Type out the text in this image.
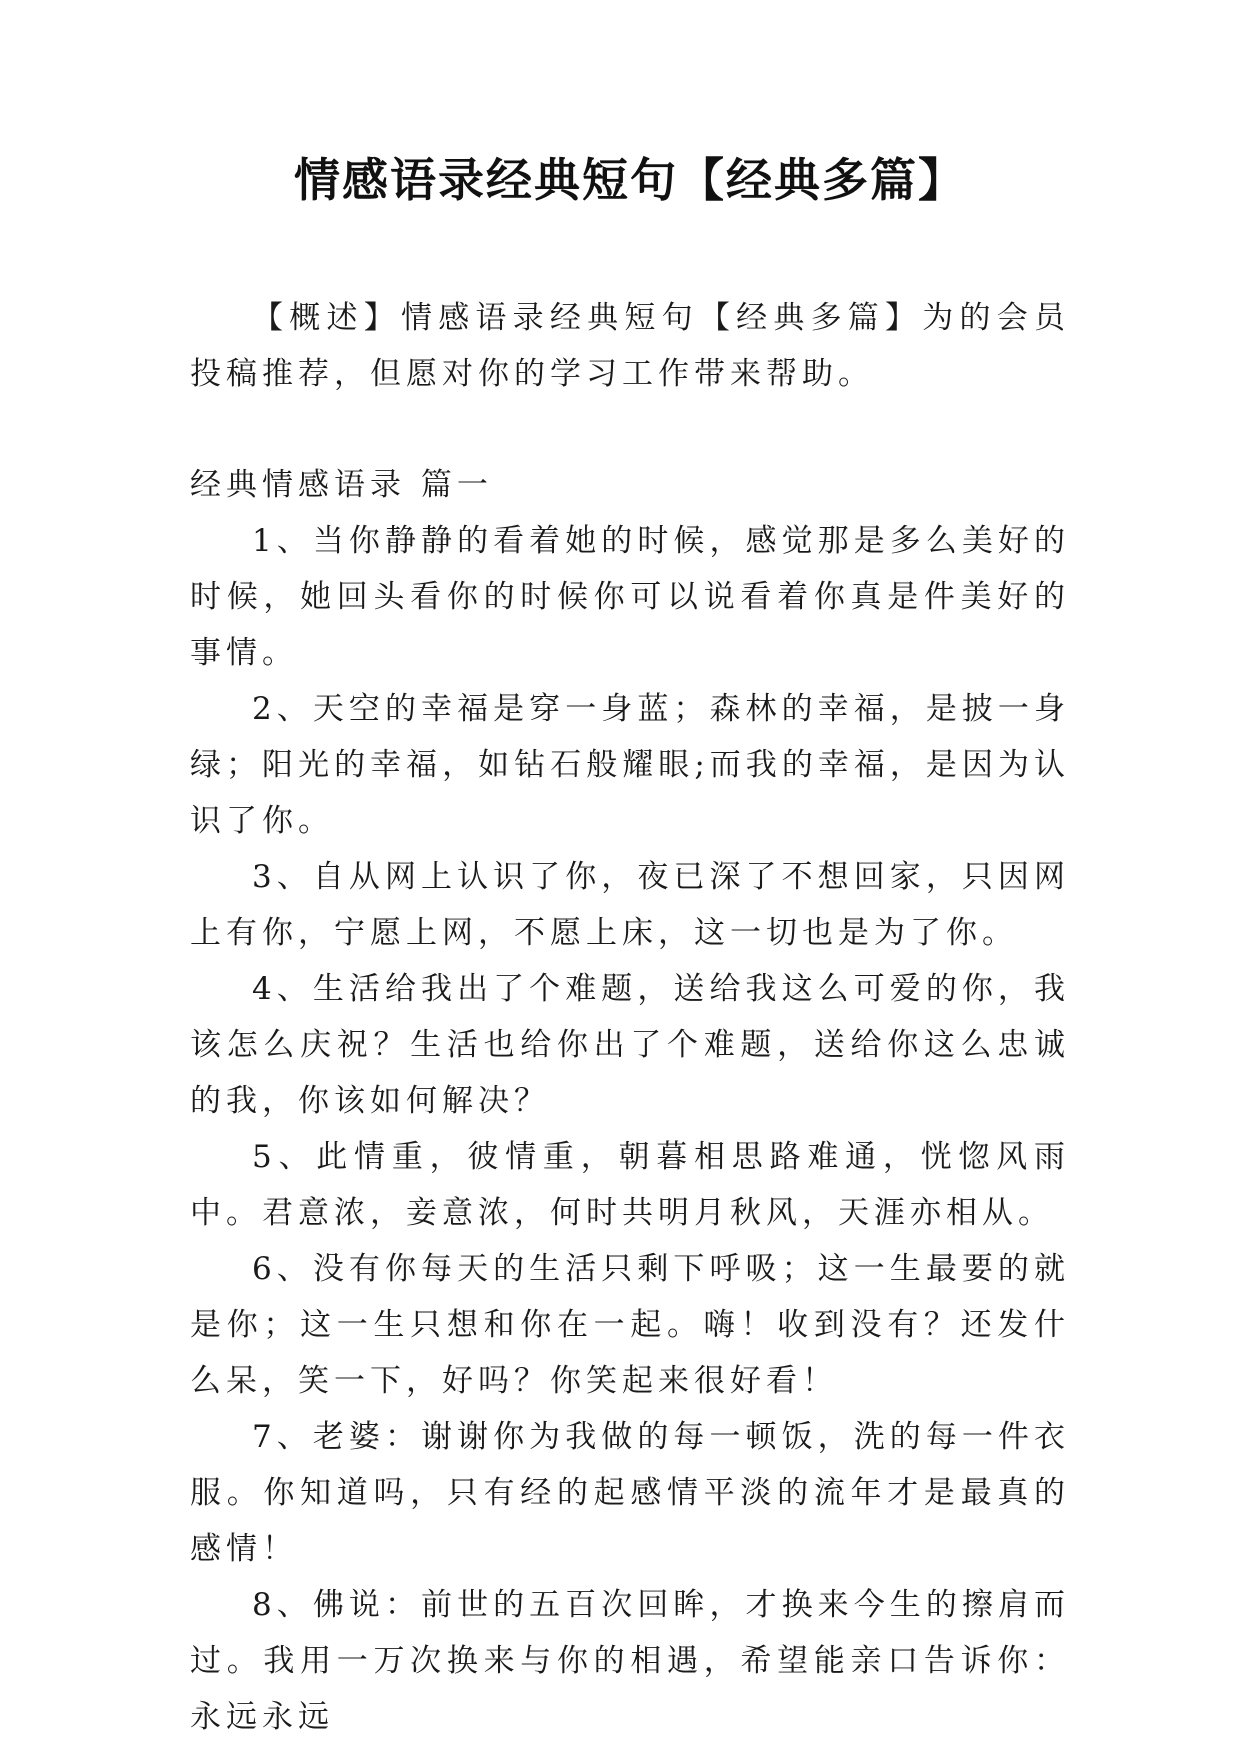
情感语录经典短句【经典多篇】

【概述】情感语录经典短句【经典多篇】为的会员投稿推荐，但愿对你的学习工作带来帮助。

经典情感语录 篇一

1、当你静静的看着她的时候，感觉那是多么美好的时候，她回头看你的时候你可以说看着你真是件美好的事情。

2、天空的幸福是穿一身蓝；森林的幸福，是披一身绿；阳光的幸福，如钻石般耀眼;而我的幸福，是因为认识了你。

3、自从网上认识了你，夜已深了不想回家，只因网上有你，宁愿上网，不愿上床，这一切也是为了你。

4、生活给我出了个难题，送给我这么可爱的你，我该怎么庆祝？生活也给你出了个难题，送给你这么忠诚的我，你该如何解决？

5、此情重，彼情重，朝暮相思路难通，恍惚风雨中。君意浓，妾意浓，何时共明月秋风，天涯亦相从。

6、没有你每天的生活只剩下呼吸；这一生最要的就是你；这一生只想和你在一起。嗨！收到没有？还发什么呆，笑一下，好吗？你笑起来很好看！

7、老婆：谢谢你为我做的每一顿饭，洗的每一件衣服。你知道吗，只有经的起感情平淡的流年才是最真的感情！

8、佛说：前世的五百次回眸，才换来今生的擦肩而过。我用一万次换来与你的相遇，希望能亲口告诉你：永远永远
